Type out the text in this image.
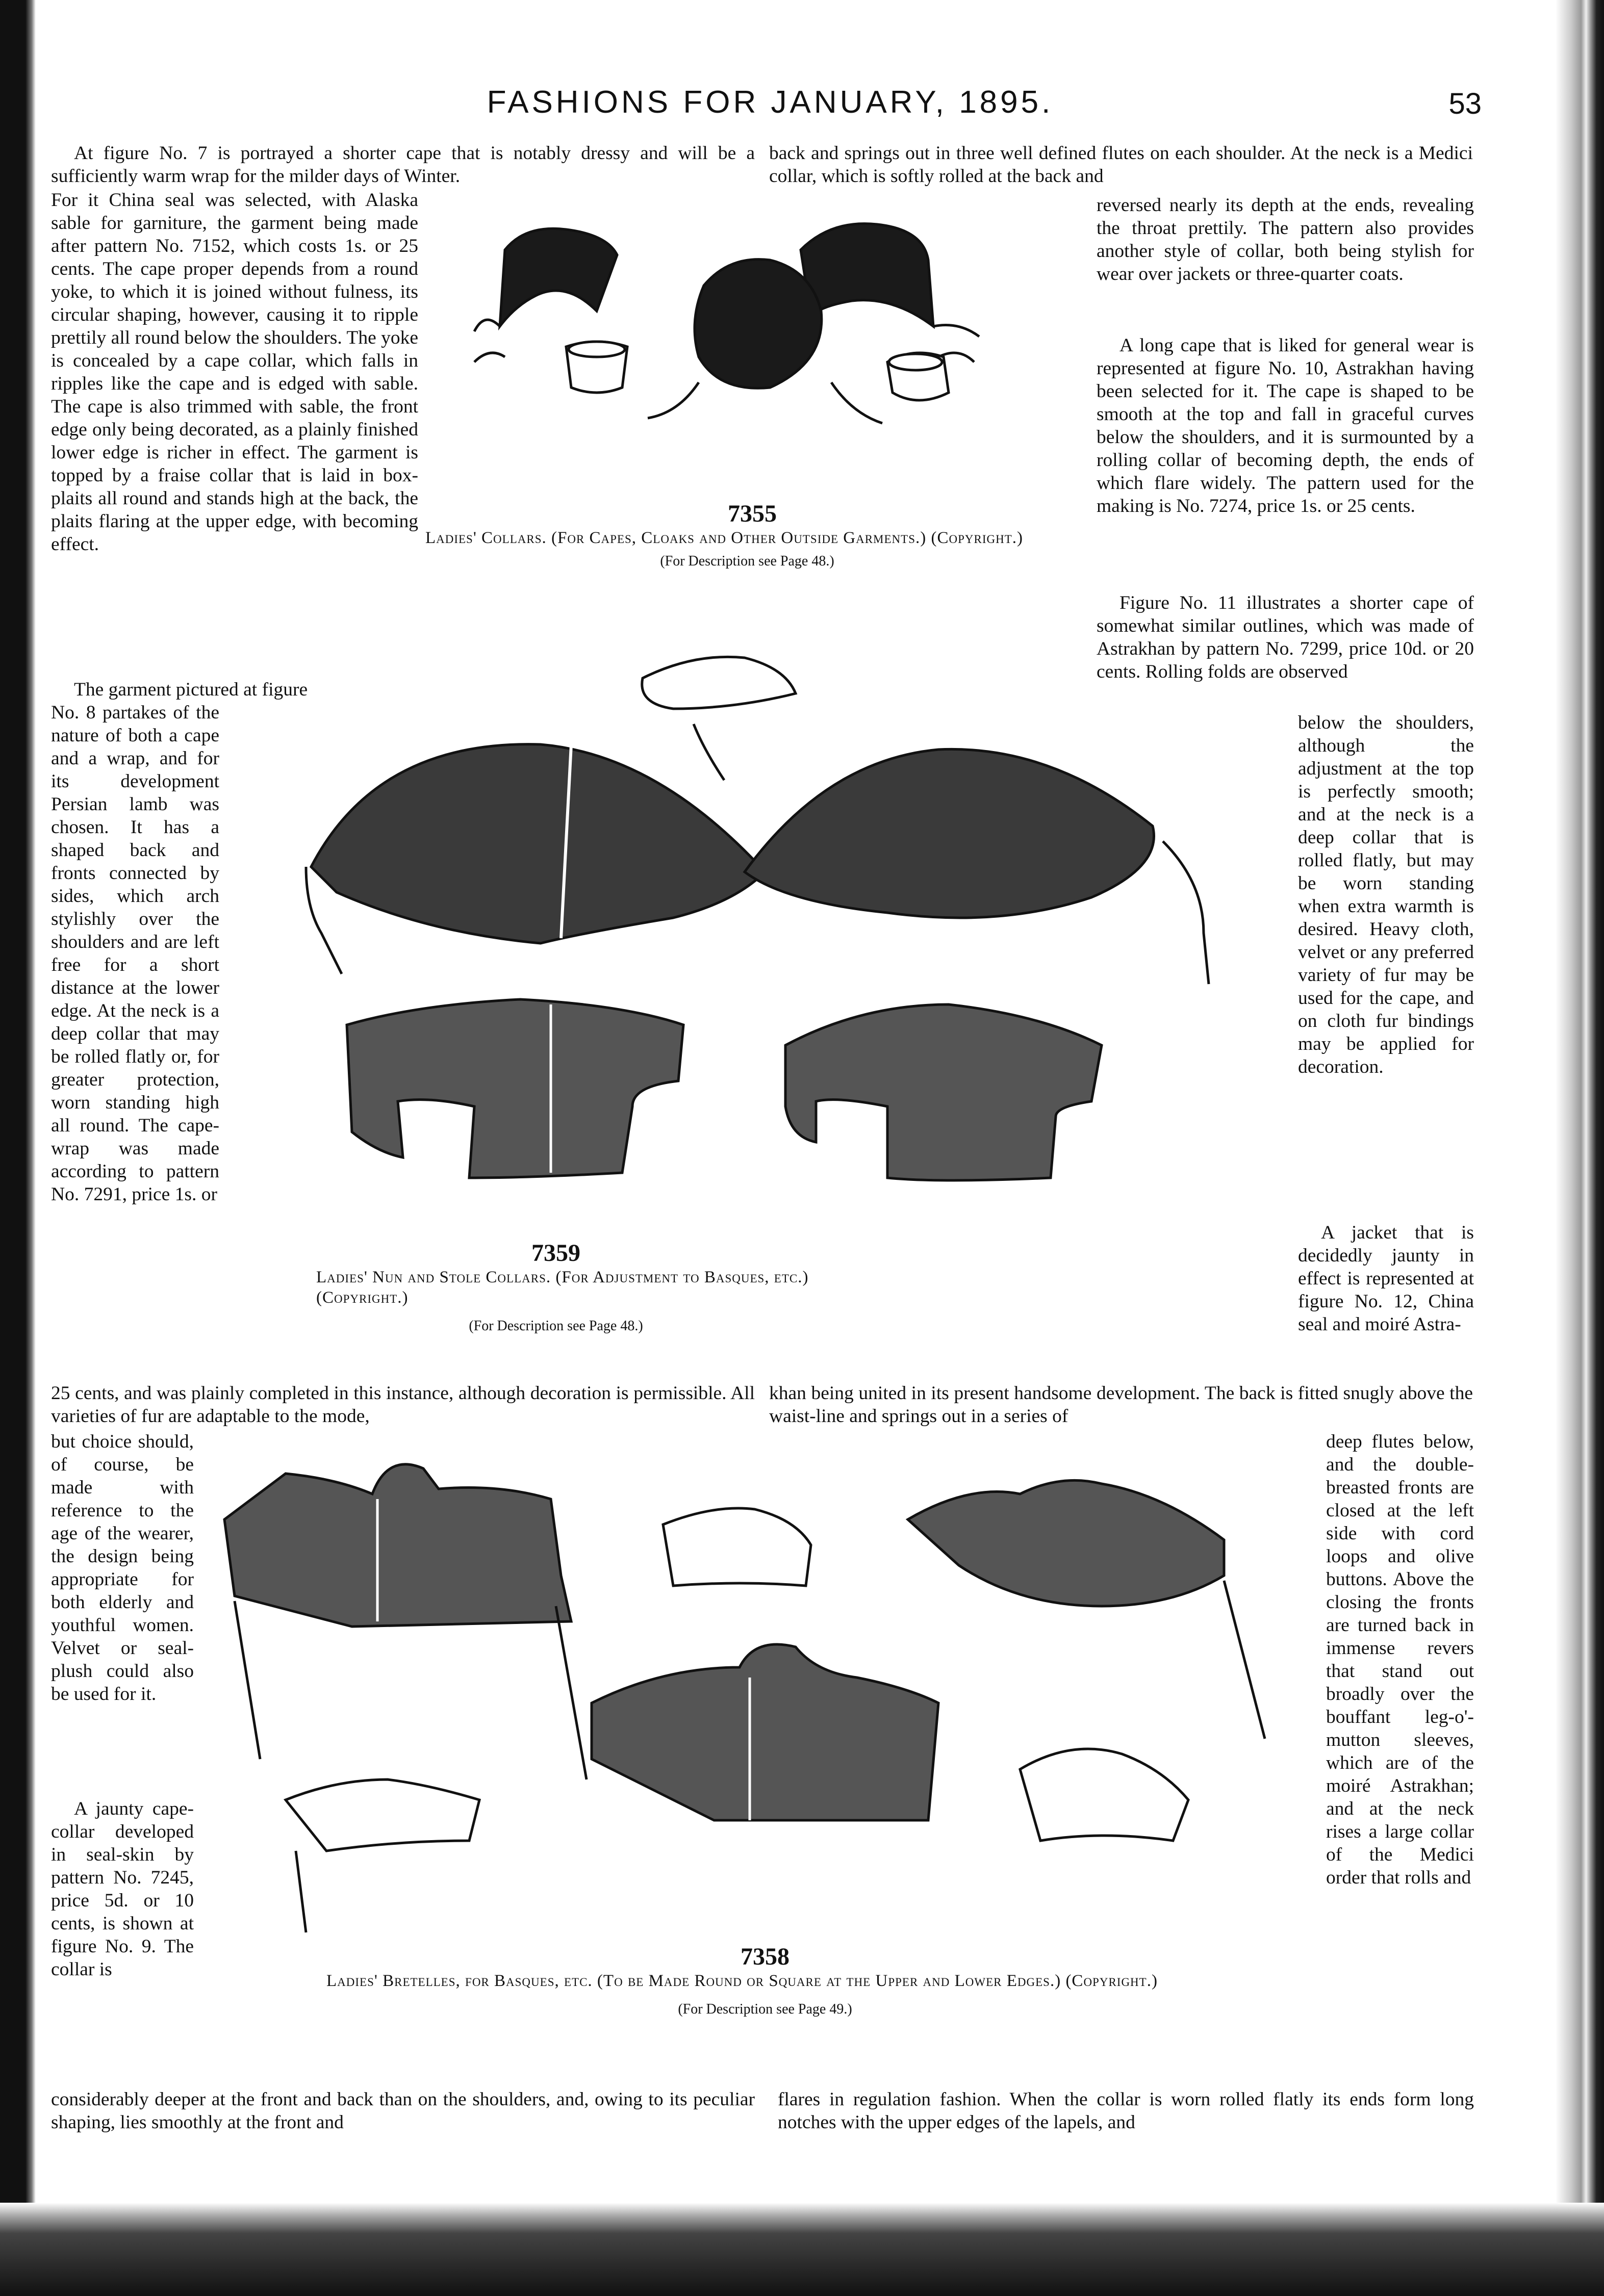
FASHIONS FOR JANUARY, 1895.	53

At figure No. 7 is portrayed a shorter cape that is notably dressy and will be a sufficiently warm wrap for the milder days of Winter.

back and springs out in three well defined flutes on each shoulder. At the neck is a Medici collar, which is softly rolled at the back and
For it China seal was selected, with Alaska sable for garniture, the garment being made after pattern No. 7152, which costs 1s. or 25 cents. The cape proper depends from a round yoke, to which it is joined without fulness, its circular shaping, however, causing it to ripple prettily all round below the shoulders. The yoke is concealed by a cape collar, which falls in ripples like the cape and is edged with sable. The cape is also trimmed with sable, the front edge only being decorated, as a plainly finished lower edge is richer in effect. The garment is topped by a fraise collar that is laid in box-plaits all round and stands high at the back, the plaits flaring at the upper edge, with becoming effect.

The garment pictured at figure

No. 8 partakes of the nature of both a cape and a wrap, and for its development Persian lamb was chosen. It has a shaped back and fronts connected by sides, which arch stylishly over the shoulders and are left free for a short distance at the lower edge. At the neck is a deep collar that may be rolled flatly or, for greater protection, worn standing high all round. The cape-wrap was made according to pattern No. 7291, price 1s. or
reversed nearly its depth at the ends, revealing the throat prettily. The pattern also provides another style of collar, both being stylish for wear over jackets or three-quarter coats.

A long cape that is liked for general wear is represented at figure No. 10, Astrakhan having been selected for it. The cape is shaped to be smooth at the top and fall in graceful curves below the shoulders, and it is surmounted by a rolling collar of becoming depth, the ends of which flare widely. The pattern used for the making is No. 7274, price 1s. or 25 cents.

Figure No. 11 illustrates a shorter cape of somewhat similar outlines, which was made of Astrakhan by pattern No. 7299, price 10d. or 20 cents. Rolling folds are observed

below the shoulders, although the adjustment at the top is perfectly smooth; and at the neck is a deep collar that is rolled flatly, but may be worn standing when extra warmth is desired. Heavy cloth, velvet or any preferred variety of fur may be used for the cape, and on cloth fur bindings may be applied for decoration.

A jacket that is decidedly jaunty in effect is represented at figure No. 12, China seal and moiré Astra-

25 cents, and was plainly completed in this instance, although decoration is permissible. All varieties of fur are adaptable to the mode,
khan being united in its present handsome development. The back is fitted snugly above the waist-line and springs out in a series of
but choice should, of course, be made with reference to the age of the wearer, the design being appropriate for both elderly and youthful women. Velvet or seal-plush could also be used for it.

A jaunty cape-collar developed in seal-skin by pattern No. 7245, price 5d. or 10 cents, is shown at figure No. 9. The collar is

deep flutes below, and the double-breasted fronts are closed at the left side with cord loops and olive buttons. Above the closing the fronts are turned back in immense revers that stand out broadly over the bouffant leg-o'-mutton sleeves, which are of the moiré Astrakhan; and at the neck rises a large collar of the Medici order that rolls and
considerably deeper at the front and back than on the shoulders, and, owing to its peculiar shaping, lies smoothly at the front and
flares in regulation fashion. When the collar is worn rolled flatly its ends form long notches with the upper edges of the lapels, and
7355
Ladies' Collars. (For Capes, Cloaks and Other Outside Garments.) (Copyright.)
(For Description see Page 48.)
7359
Ladies' Nun and Stole Collars. (For Adjustment to Basques, etc.) (Copyright.)
(For Description see Page 48.)
7358
Ladies' Bretelles, for Basques, etc. (To be Made Round or Square at the Upper and Lower Edges.) (Copyright.)
(For Description see Page 49.)
